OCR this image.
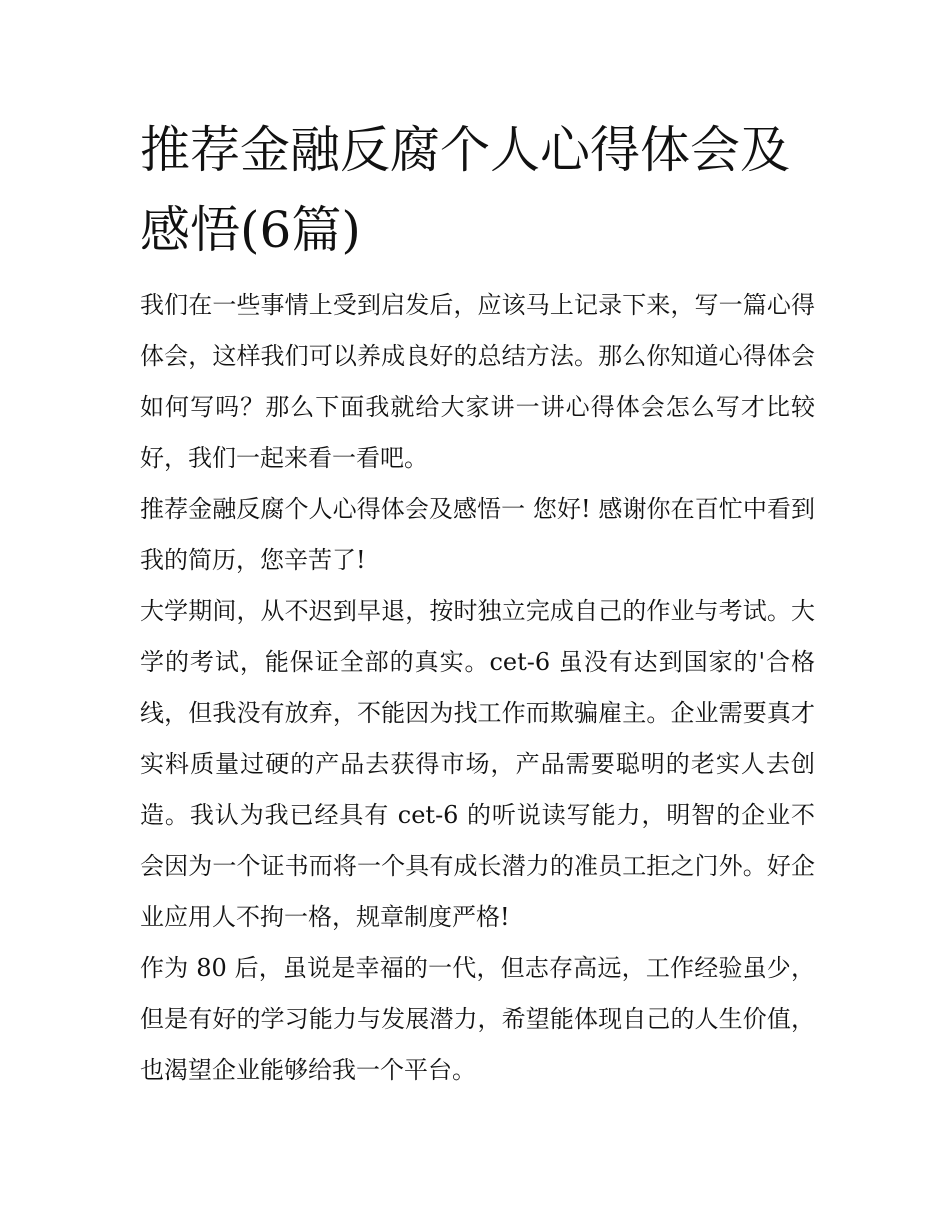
推荐金融反腐个人心得体会及感悟(6篇)

我们在一些事情上受到启发后，应该马上记录下来，写一篇心得体会，这样我们可以养成良好的总结方法。那么你知道心得体会如何写吗？那么下面我就给大家讲一讲心得体会怎么写才比较好，我们一起来看一看吧。

推荐金融反腐个人心得体会及感悟一 您好! 感谢你在百忙中看到我的简历，您辛苦了!

大学期间，从不迟到早退，按时独立完成自己的作业与考试。大学的考试，能保证全部的真实。cet-6 虽没有达到国家的'合格线，但我没有放弃，不能因为找工作而欺骗雇主。企业需要真才实料质量过硬的产品去获得市场，产品需要聪明的老实人去创造。我认为我已经具有 cet-6 的听说读写能力，明智的企业不会因为一个证书而将一个具有成长潜力的准员工拒之门外。好企业应用人不拘一格，规章制度严格!

作为 80 后，虽说是幸福的一代，但志存高远，工作经验虽少，但是有好的学习能力与发展潜力，希望能体现自己的人生价值，也渴望企业能够给我一个平台。
